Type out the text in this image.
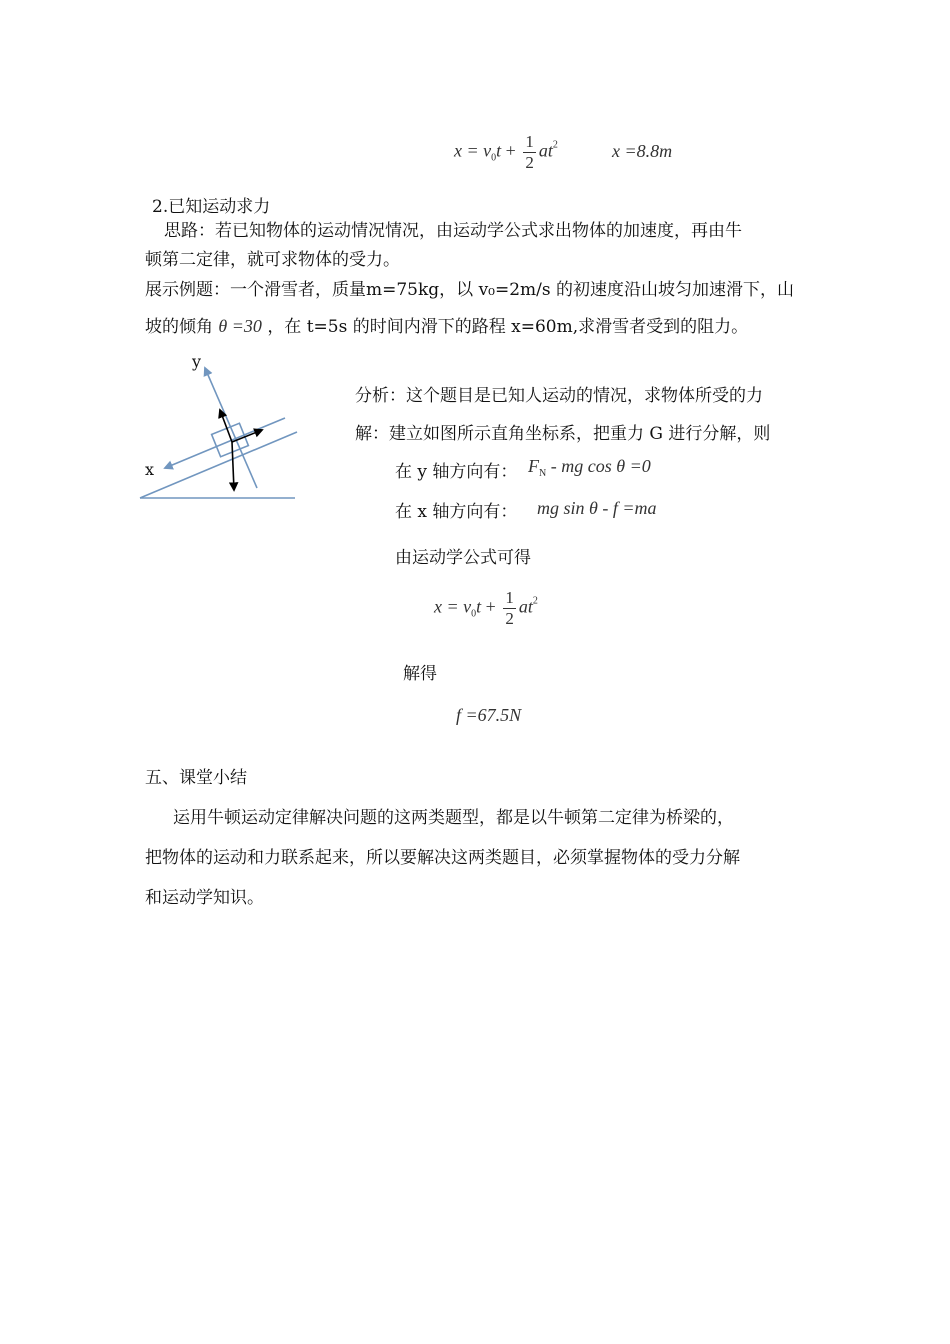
$x = v_0t + \frac{1}{2} at^2$	x =8.8m
2.已知运动求力
思路：若已知物体的运动情况情况，由运动学公式求出物体的加速度，再由牛
顿第二定律，就可求物体的受力。
展示例题：一个滑雪者，质量m=75kg，以 v₀=2m/s 的初速度沿山坡匀加速滑下，山
坡的倾角 θ =30 ，在 t=5s 的时间内滑下的路程 x=60m,求滑雪者受到的阻力。
y
x
分析：这个题目是已知人运动的情况，求物体所受的力
解：建立如图所示直角坐标系，把重力 G 进行分解，则
在 y 轴方向有： $F_N$ - mg cos θ =0
在 x 轴方向有： mg sin θ - f =ma
由运动学公式可得
$x = v_0t + \frac{1}{2} at^2$
解得
f =67.5N
五、课堂小结
运用牛顿运动定律解决问题的这两类题型，都是以牛顿第二定律为桥梁的，
把物体的运动和力联系起来，所以要解决这两类题目，必须掌握物体的受力分解
和运动学知识。
